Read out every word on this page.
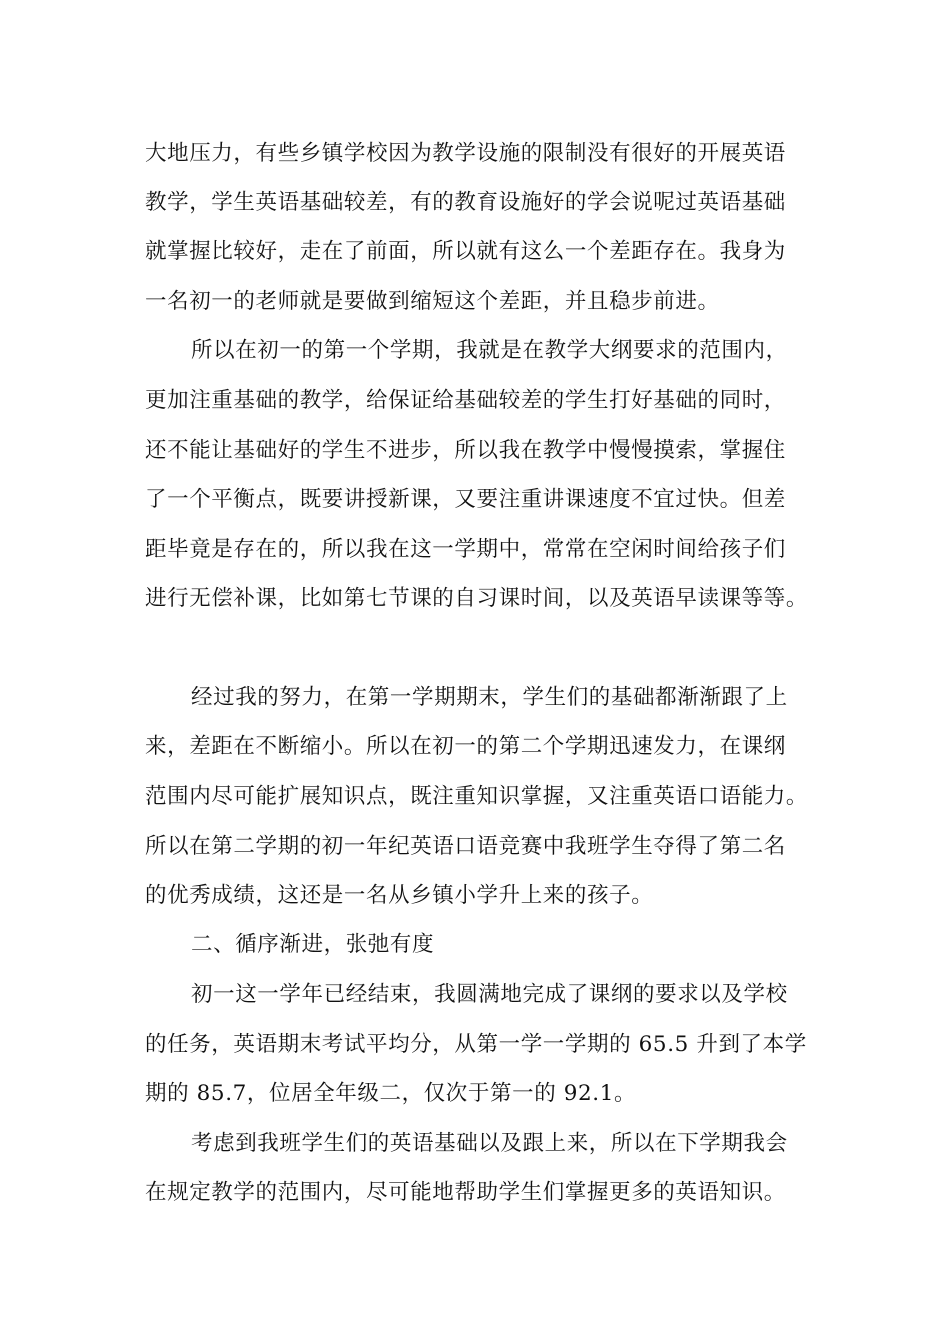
大地压力，有些乡镇学校因为教学设施的限制没有很好的开展英语
教学，学生英语基础较差，有的教育设施好的学会说呢过英语基础
就掌握比较好，走在了前面，所以就有这么一个差距存在。我身为
一名初一的老师就是要做到缩短这个差距，并且稳步前进。
所以在初一的第一个学期，我就是在教学大纲要求的范围内，
更加注重基础的教学，给保证给基础较差的学生打好基础的同时，
还不能让基础好的学生不进步，所以我在教学中慢慢摸索，掌握住
了一个平衡点，既要讲授新课，又要注重讲课速度不宜过快。但差
距毕竟是存在的，所以我在这一学期中，常常在空闲时间给孩子们
进行无偿补课，比如第七节课的自习课时间，以及英语早读课等等。
经过我的努力，在第一学期期末，学生们的基础都渐渐跟了上
来，差距在不断缩小。所以在初一的第二个学期迅速发力，在课纲
范围内尽可能扩展知识点，既注重知识掌握，又注重英语口语能力。
所以在第二学期的初一年纪英语口语竞赛中我班学生夺得了第二名
的优秀成绩，这还是一名从乡镇小学升上来的孩子。
二、循序渐进，张弛有度
初一这一学年已经结束，我圆满地完成了课纲的要求以及学校
的任务，英语期末考试平均分，从第一学一学期的 65.5 升到了本学
期的 85.7，位居全年级二，仅次于第一的 92.1。
考虑到我班学生们的英语基础以及跟上来，所以在下学期我会
在规定教学的范围内，尽可能地帮助学生们掌握更多的英语知识。
